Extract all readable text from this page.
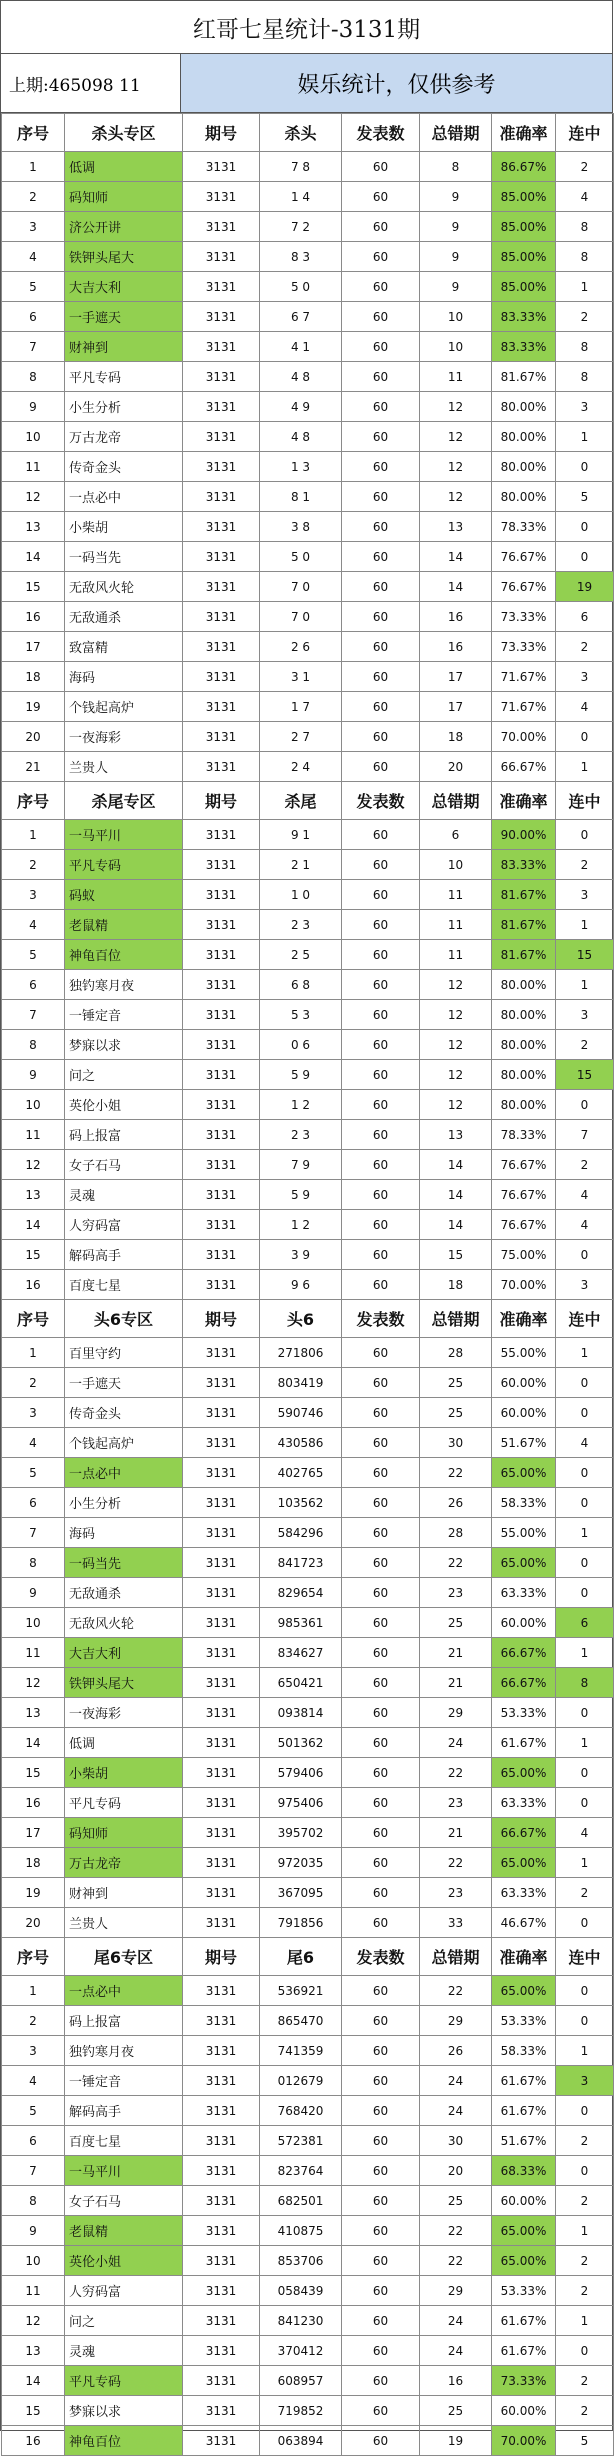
红哥七星统计-3131期
上期:465098 11	娱乐统计，仅供参考
序号	杀头专区	期号	杀头	发表数	总错期	准确率	连中
1	低调	3131	7 8	60	8	86.67%	2
2	码知师	3131	1 4	60	9	85.00%	4
3	济公开讲	3131	7 2	60	9	85.00%	8
4	铁钾头尾大	3131	8 3	60	9	85.00%	8
5	大吉大利	3131	5 0	60	9	85.00%	1
6	一手遮天	3131	6 7	60	10	83.33%	2
7	财神到	3131	4 1	60	10	83.33%	8
8	平凡专码	3131	4 8	60	11	81.67%	8
9	小生分析	3131	4 9	60	12	80.00%	3
10	万古龙帝	3131	4 8	60	12	80.00%	1
11	传奇金头	3131	1 3	60	12	80.00%	0
12	一点必中	3131	8 1	60	12	80.00%	5
13	小柴胡	3131	3 8	60	13	78.33%	0
14	一码当先	3131	5 0	60	14	76.67%	0
15	无敌风火轮	3131	7 0	60	14	76.67%	19
16	无敌通杀	3131	7 0	60	16	73.33%	6
17	致富精	3131	2 6	60	16	73.33%	2
18	海码	3131	3 1	60	17	71.67%	3
19	个钱起高炉	3131	1 7	60	17	71.67%	4
20	一夜海彩	3131	2 7	60	18	70.00%	0
21	兰贵人	3131	2 4	60	20	66.67%	1
序号	杀尾专区	期号	杀尾	发表数	总错期	准确率	连中
1	一马平川	3131	9 1	60	6	90.00%	0
2	平凡专码	3131	2 1	60	10	83.33%	2
3	码蚁	3131	1 0	60	11	81.67%	3
4	老鼠精	3131	2 3	60	11	81.67%	1
5	神龟百位	3131	2 5	60	11	81.67%	15
6	独钓寒月夜	3131	6 8	60	12	80.00%	1
7	一锤定音	3131	5 3	60	12	80.00%	3
8	梦寐以求	3131	0 6	60	12	80.00%	2
9	问之	3131	5 9	60	12	80.00%	15
10	英伦小姐	3131	1 2	60	12	80.00%	0
11	码上报富	3131	2 3	60	13	78.33%	7
12	女子石马	3131	7 9	60	14	76.67%	2
13	灵魂	3131	5 9	60	14	76.67%	4
14	人穷码富	3131	1 2	60	14	76.67%	4
15	解码高手	3131	3 9	60	15	75.00%	0
16	百度七星	3131	9 6	60	18	70.00%	3
序号	头6专区	期号	头6	发表数	总错期	准确率	连中
1	百里守约	3131	271806	60	28	55.00%	1
2	一手遮天	3131	803419	60	25	60.00%	0
3	传奇金头	3131	590746	60	25	60.00%	0
4	个钱起高炉	3131	430586	60	30	51.67%	4
5	一点必中	3131	402765	60	22	65.00%	0
6	小生分析	3131	103562	60	26	58.33%	0
7	海码	3131	584296	60	28	55.00%	1
8	一码当先	3131	841723	60	22	65.00%	0
9	无敌通杀	3131	829654	60	23	63.33%	0
10	无敌风火轮	3131	985361	60	25	60.00%	6
11	大吉大利	3131	834627	60	21	66.67%	1
12	铁钾头尾大	3131	650421	60	21	66.67%	8
13	一夜海彩	3131	093814	60	29	53.33%	0
14	低调	3131	501362	60	24	61.67%	1
15	小柴胡	3131	579406	60	22	65.00%	0
16	平凡专码	3131	975406	60	23	63.33%	0
17	码知师	3131	395702	60	21	66.67%	4
18	万古龙帝	3131	972035	60	22	65.00%	1
19	财神到	3131	367095	60	23	63.33%	2
20	兰贵人	3131	791856	60	33	46.67%	0
序号	尾6专区	期号	尾6	发表数	总错期	准确率	连中
1	一点必中	3131	536921	60	22	65.00%	0
2	码上报富	3131	865470	60	29	53.33%	0
3	独钓寒月夜	3131	741359	60	26	58.33%	1
4	一锤定音	3131	012679	60	24	61.67%	3
5	解码高手	3131	768420	60	24	61.67%	0
6	百度七星	3131	572381	60	30	51.67%	2
7	一马平川	3131	823764	60	20	68.33%	0
8	女子石马	3131	682501	60	25	60.00%	2
9	老鼠精	3131	410875	60	22	65.00%	1
10	英伦小姐	3131	853706	60	22	65.00%	2
11	人穷码富	3131	058439	60	29	53.33%	2
12	问之	3131	841230	60	24	61.67%	1
13	灵魂	3131	370412	60	24	61.67%	0
14	平凡专码	3131	608957	60	16	73.33%	2
15	梦寐以求	3131	719852	60	25	60.00%	2
16	神龟百位	3131	063894	60	19	70.00%	5
